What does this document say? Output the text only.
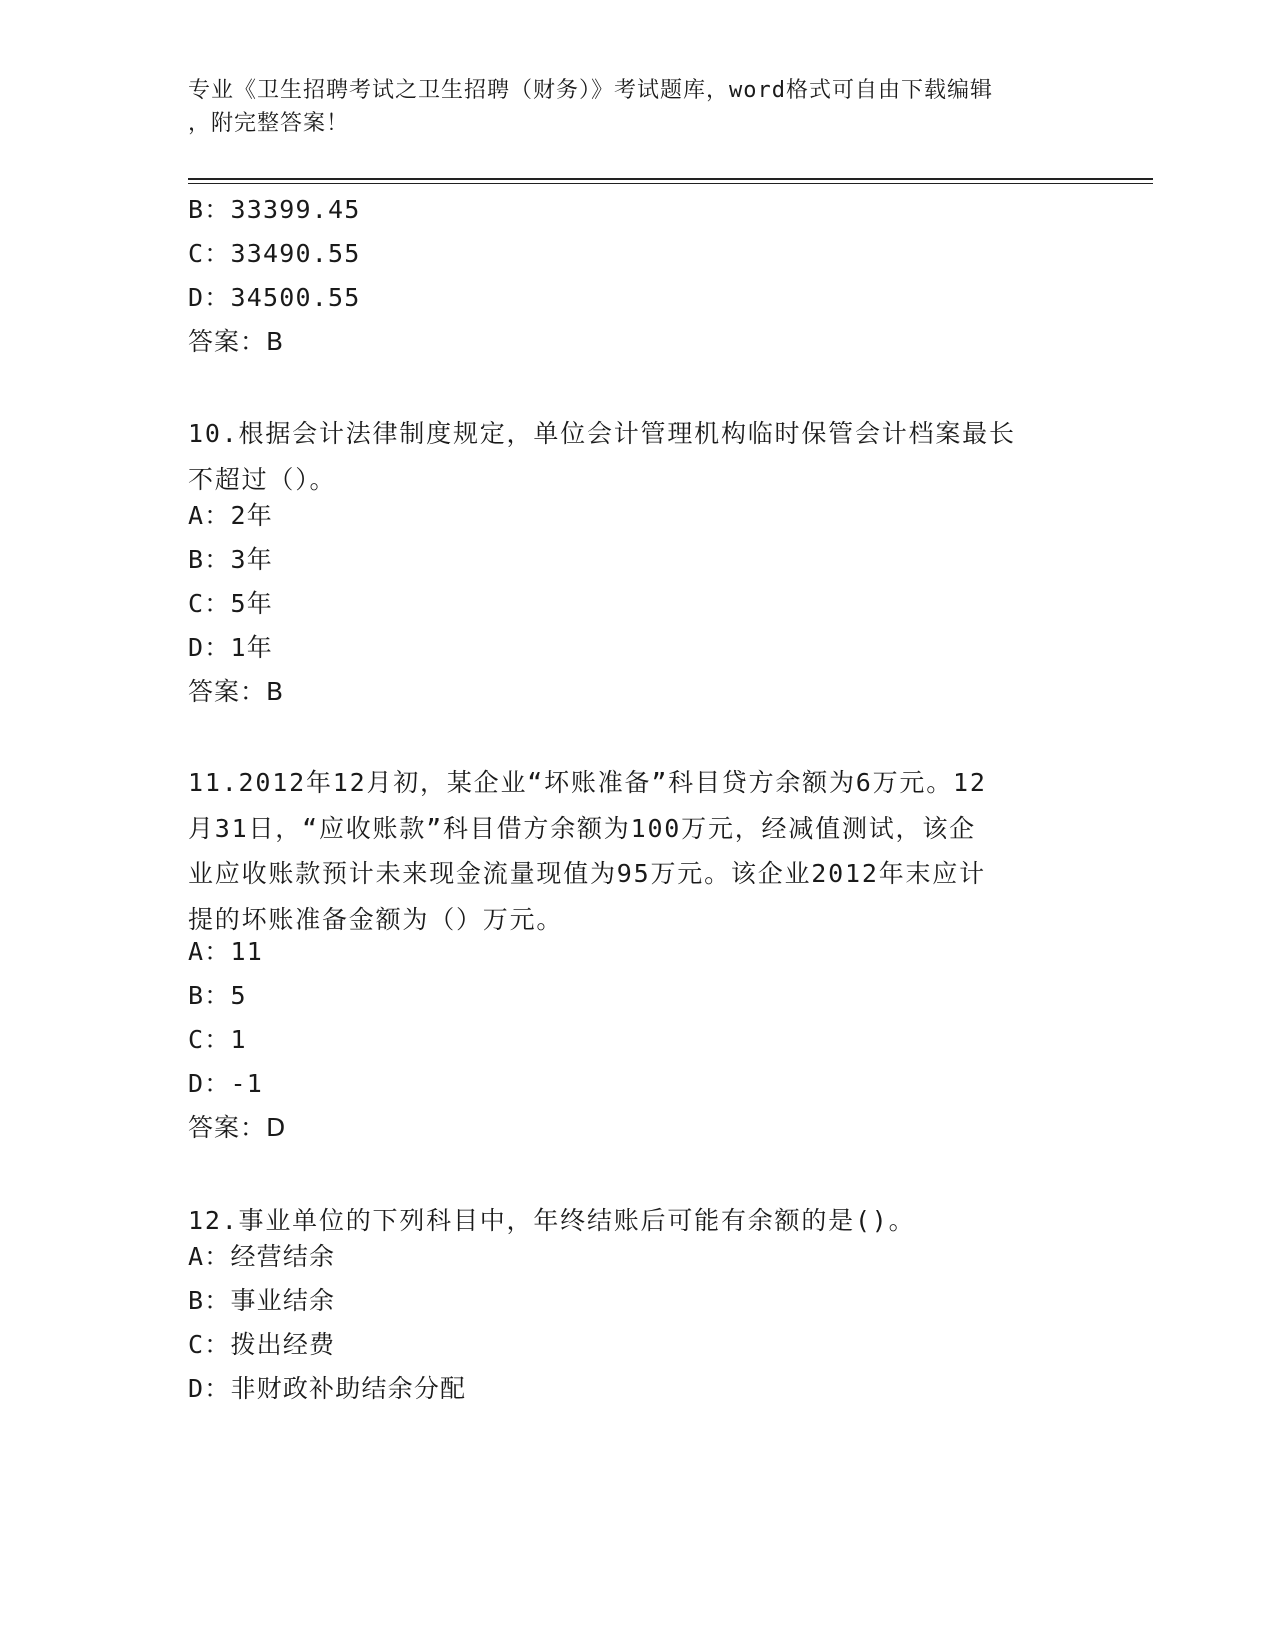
专业《卫生招聘考试之卫生招聘（财务）》考试题库，word格式可自由下载编辑
，附完整答案！
B：33399.45
C：33490.55
D：34500.55
答案：B
10.根据会计法律制度规定，单位会计管理机构临时保管会计档案最长
不超过（）。
A：2年
B：3年
C：5年
D：1年
答案：B
11.2012年12月初，某企业“坏账准备”科目贷方余额为6万元。12
月31日，“应收账款”科目借方余额为100万元，经减值测试，该企
业应收账款预计未来现金流量现值为95万元。该企业2012年末应计
提的坏账准备金额为（）万元。
A：11
B：5
C：1
D：-1
答案：D
12.事业单位的下列科目中，年终结账后可能有余额的是()。
A：经营结余
B：事业结余
C：拨出经费
D：非财政补助结余分配
